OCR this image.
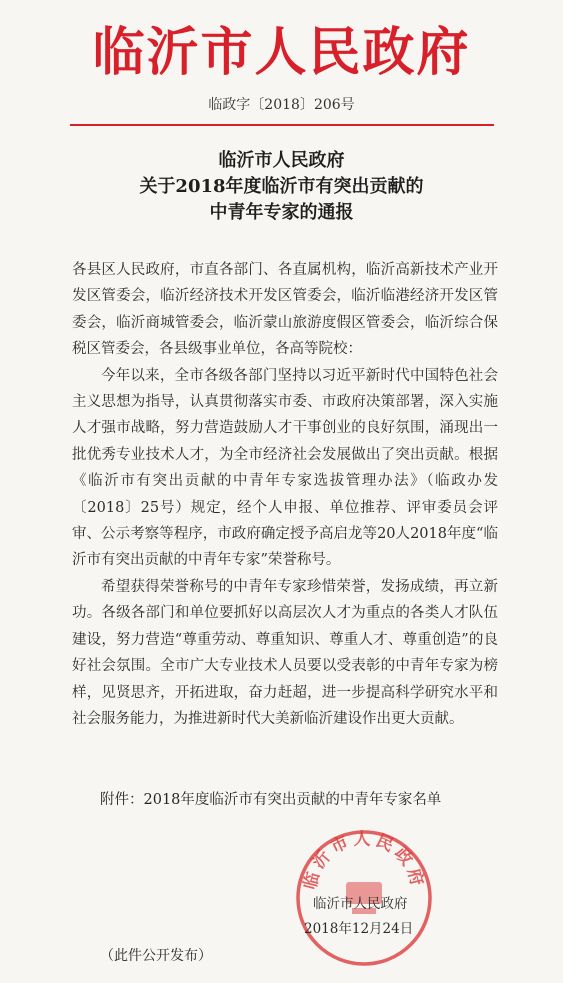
临沂市人民政府
临政字〔2018〕206号
临沂市人民政府
关于2018年度临沂市有突出贡献的
中青年专家的通报

各县区人民政府，市直各部门、各直属机构，临沂高新技术产业开发区管委会，临沂经济技术开发区管委会，临沂临港经济开发区管委会，临沂商城管委会，临沂蒙山旅游度假区管委会，临沂综合保税区管委会，各县级事业单位，各高等院校：

今年以来，全市各级各部门坚持以习近平新时代中国特色社会主义思想为指导，认真贯彻落实市委、市政府决策部署，深入实施人才强市战略，努力营造鼓励人才干事创业的良好氛围，涌现出一批优秀专业技术人才，为全市经济社会发展做出了突出贡献。根据《临沂市有突出贡献的中青年专家选拔管理办法》（临政办发〔2018〕25号）规定，经个人申报、单位推荐、评审委员会评审、公示考察等程序，市政府确定授予高启龙等20人2018年度“临沂市有突出贡献的中青年专家”荣誉称号。

希望获得荣誉称号的中青年专家珍惜荣誉，发扬成绩，再立新功。各级各部门和单位要抓好以高层次人才为重点的各类人才队伍建设，努力营造“尊重劳动、尊重知识、尊重人才、尊重创造”的良好社会氛围。全市广大专业技术人员要以受表彰的中青年专家为榜样，见贤思齐，开拓进取，奋力赶超，进一步提高科学研究水平和社会服务能力，为推进新时代大美新临沂建设作出更大贡献。

附件：2018年度临沂市有突出贡献的中青年专家名单
临沂市人民政府
临沂市人民政府
2018年12月24日
（此件公开发布）
